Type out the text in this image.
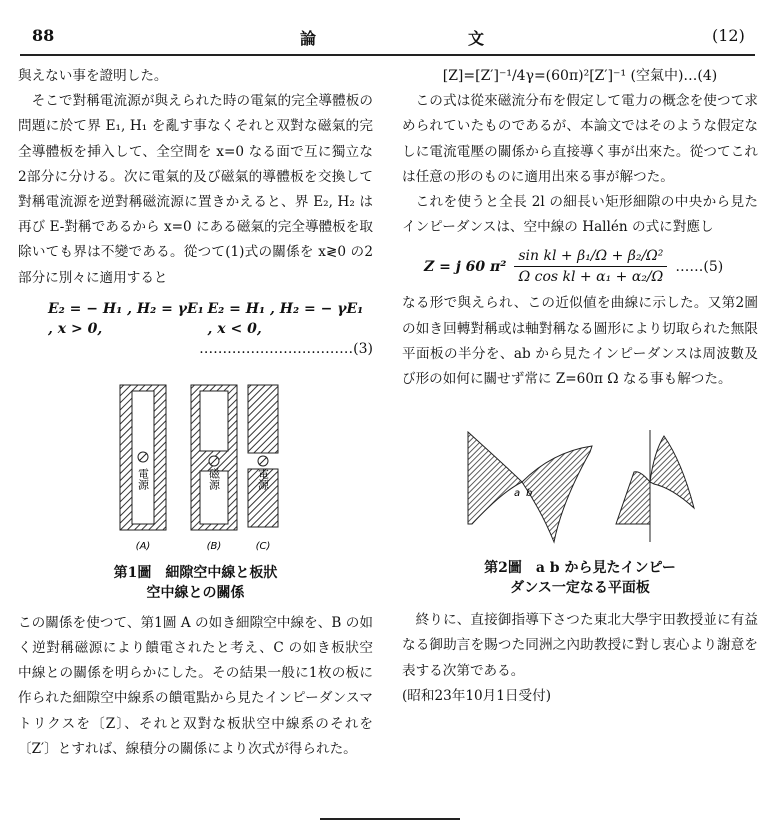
88	論	文	(12)

與えない事を證明した。

そこで對稱電流源が與えられた時の電氣的完全導體板の問題に於て界 E₁, H₁ を亂す事なくそれと双對な磁氣的完全導體板を挿入して、全空間を x=0 なる面で互に獨立な2部分に分ける。次に電氣的及び磁氣的導體板を交換して對稱電流源を逆對稱磁流源に置きかえると、界 E₂, H₂ は再び E-對稱であるから x=0 にある磁氣的完全導體板を取除いても界は不變である。從つて(1)式の關係を x≷0 の2部分に別々に適用すると

E₂ = − H₁ , H₂ = γE₁ , x > 0,
E₂ = H₁ , H₂ = − γE₁ , x < 0,
……………………………(3)
電源	磁源	電源
(A)	(B)	(C)
第1圖　細隙空中線と板狀
空中線との關係

この關係を使つて、第1圖 A の如き細隙空中線を、B の如く逆對稱磁源により饋電されたと考え、C の如き板狀空中線との關係を明らかにした。その結果一般に1枚の板に作られた細隙空中線系の饋電點から見たインピーダンスマトリクスを〔Z〕、それと双對な板狀空中線系のそれを〔Z′〕とすれば、線積分の關係により次式が得られた。

[Z]=[Z′]⁻¹/4γ=(60π)²[Z′]⁻¹ (空氣中)…(4)

この式は從來磁流分布を假定して電力の概念を使つて求められていたものであるが、本論文ではそのような假定なしに電流電壓の關係から直接導く事が出來た。從つてこれは任意の形のものに適用出來る事が解つた。

これを使うと全長 2l の細長い矩形細隙の中央から見たインピーダンスは、空中線の Hallén の式に對應し

Z = j 60 $\pi^2 \frac{\text{sin kl + β₁/Ω + β₂/Ω²}}{\text{Ω cos kl + α₁ + α₂/Ω}}$ ……(5)

なる形で與えられ、この近似値を曲線に示した。又第2圖の如き回轉對稱或は軸對稱なる圖形により切取られた無限平面板の半分を、ab から見たインピーダンスは周波數及び形の如何に關せず常に Z=60π Ω なる事も解つた。

a b
第2圖　a b から見たインピー
ダンス一定なる平面板

終りに、直接御指導下さつた東北大學宇田教授並に有益なる御助言を賜つた同洲之內助教授に對し衷心より謝意を表する次第である。

(昭和23年10月1日受付)
